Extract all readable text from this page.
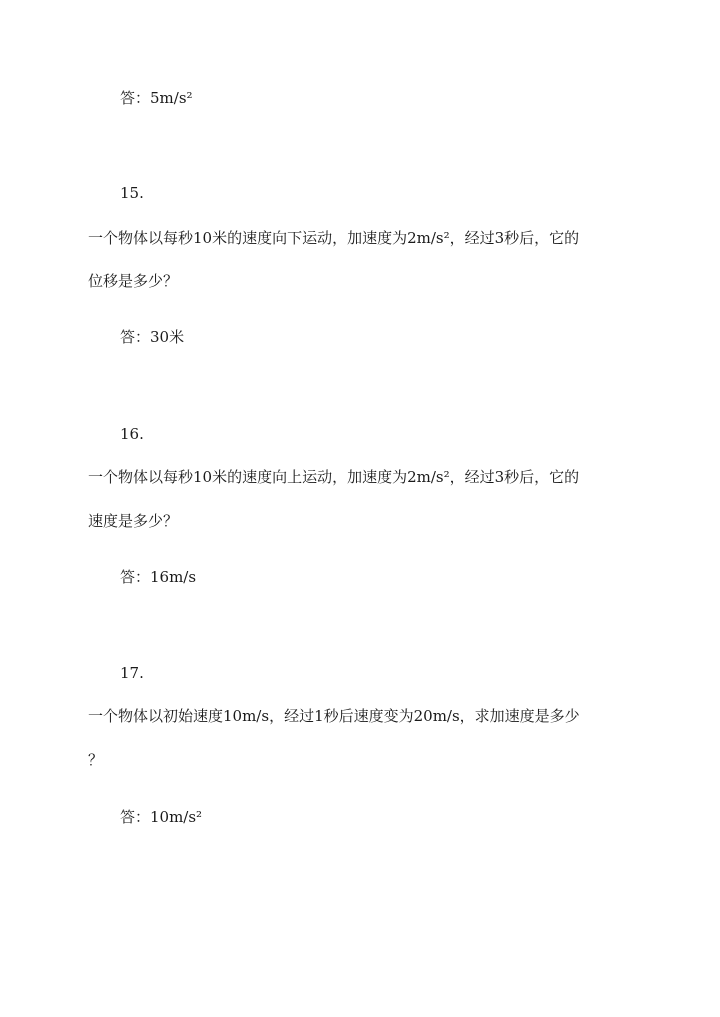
答：5m/s²

15.

一个物体以每秒10米的速度向下运动，加速度为2m/s²，经过3秒后，它的

位移是多少？

答：30米

16.

一个物体以每秒10米的速度向上运动，加速度为2m/s²，经过3秒后，它的

速度是多少？

答：16m/s

17.

一个物体以初始速度10m/s，经过1秒后速度变为20m/s，求加速度是多少

？

答：10m/s²
